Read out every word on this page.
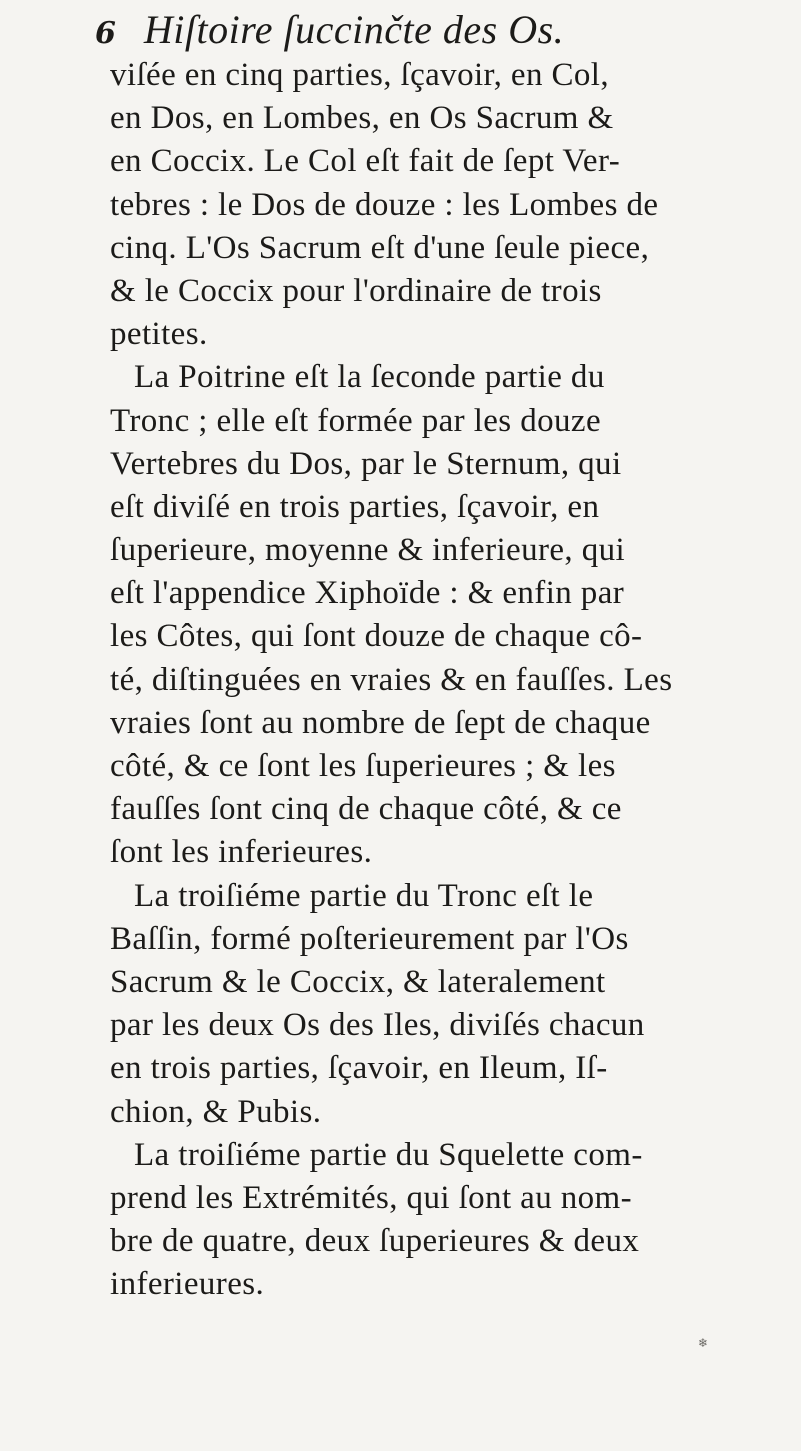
6 Hiſtoire ſuccinčte des Os.
viſée en cinq parties, ſçavoir, en Col,
en Dos, en Lombes, en Os Sacrum &
en Coccix. Le Col eſt fait de ſept Ver-
tebres : le Dos de douze : les Lombes de
cinq. L'Os Sacrum eſt d'une ſeule piece,
& le Coccix pour l'ordinaire de trois
petites.
La Poitrine eſt la ſeconde partie du
Tronc ; elle eſt formée par les douze
Vertebres du Dos, par le Sternum, qui
eſt diviſé en trois parties, ſçavoir, en
ſuperieure, moyenne & inferieure, qui
eſt l'appendice Xiphoïde : & enfin par
les Côtes, qui ſont douze de chaque cô-
té, diſtinguées en vraies & en fauſſes. Les
vraies ſont au nombre de ſept de chaque
côté, & ce ſont les ſuperieures ; & les
fauſſes ſont cinq de chaque côté, & ce
ſont les inferieures.
La troiſiéme partie du Tronc eſt le
Baſſin, formé poſterieurement par l'Os
Sacrum & le Coccix, & lateralement
par les deux Os des Iles, diviſés chacun
en trois parties, ſçavoir, en Ileum, Iſ-
chion, & Pubis.
La troiſiéme partie du Squelette com-
prend les Extrémités, qui ſont au nom-
bre de quatre, deux ſuperieures & deux
inferieures.
❄
